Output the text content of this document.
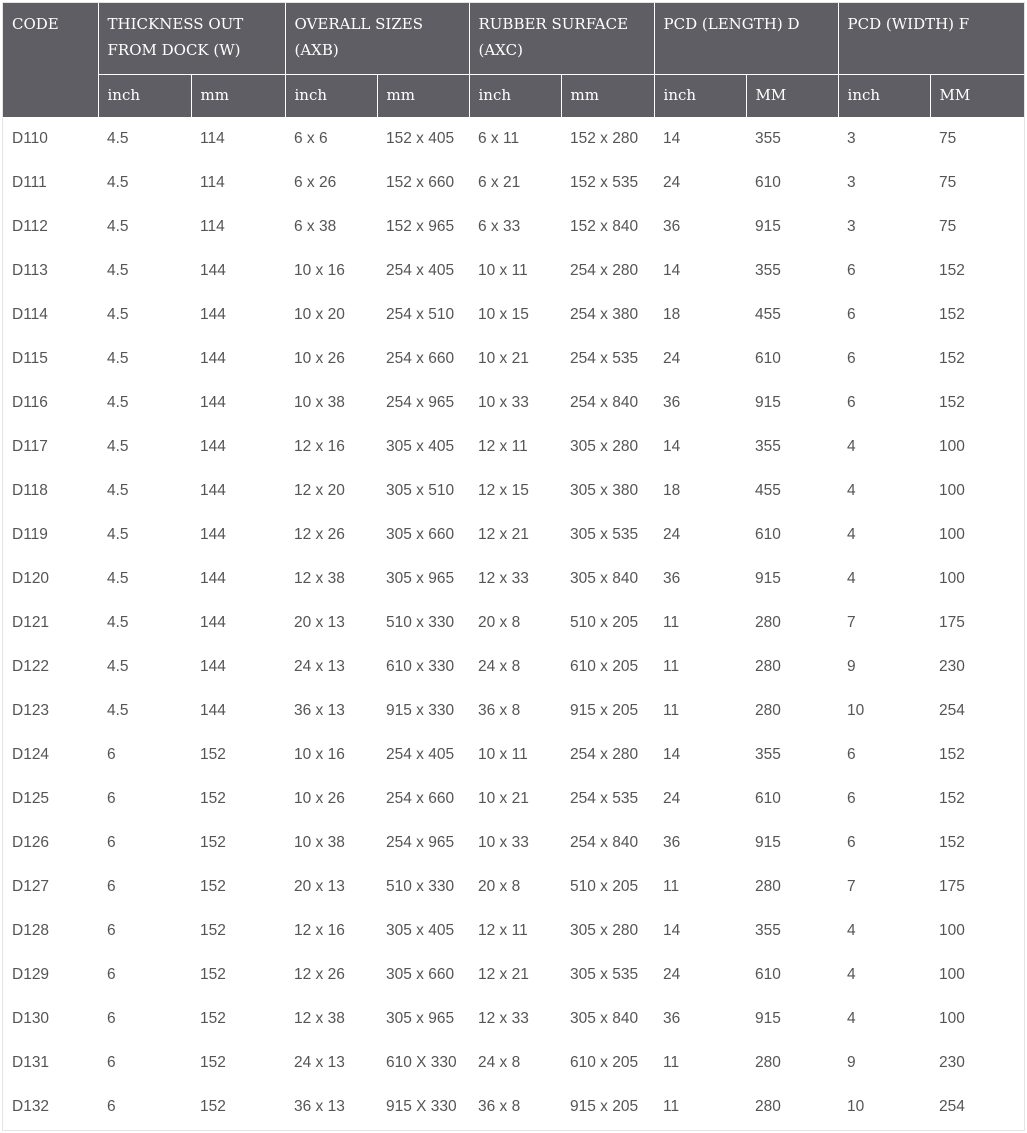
CODE	THICKNESS OUT FROM DOCK (W)		OVERALL SIZES (AXB)		RUBBER SURFACE (AXC)		PCD (LENGTH) D		PCD (WIDTH) F	
	inch	mm	inch	mm	inch	mm	inch	MM	inch	MM
D110	4.5	114	6 x 6	152 x 405	6 x 11	152 x 280	14	355	3	75
D111	4.5	114	6 x 26	152 x 660	6 x 21	152 x 535	24	610	3	75
D112	4.5	114	6 x 38	152 x 965	6 x 33	152 x 840	36	915	3	75
D113	4.5	144	10 x 16	254 x 405	10 x 11	254 x 280	14	355	6	152
D114	4.5	144	10 x 20	254 x 510	10 x 15	254 x 380	18	455	6	152
D115	4.5	144	10 x 26	254 x 660	10 x 21	254 x 535	24	610	6	152
D116	4.5	144	10 x 38	254 x 965	10 x 33	254 x 840	36	915	6	152
D117	4.5	144	12 x 16	305 x 405	12 x 11	305 x 280	14	355	4	100
D118	4.5	144	12 x 20	305 x 510	12 x 15	305 x 380	18	455	4	100
D119	4.5	144	12 x 26	305 x 660	12 x 21	305 x 535	24	610	4	100
D120	4.5	144	12 x 38	305 x 965	12 x 33	305 x 840	36	915	4	100
D121	4.5	144	20 x 13	510 x 330	20 x 8	510 x 205	11	280	7	175
D122	4.5	144	24 x 13	610 x 330	24 x 8	610 x 205	11	280	9	230
D123	4.5	144	36 x 13	915 x 330	36 x 8	915 x 205	11	280	10	254
D124	6	152	10 x 16	254 x 405	10 x 11	254 x 280	14	355	6	152
D125	6	152	10 x 26	254 x 660	10 x 21	254 x 535	24	610	6	152
D126	6	152	10 x 38	254 x 965	10 x 33	254 x 840	36	915	6	152
D127	6	152	20 x 13	510 x 330	20 x 8	510 x 205	11	280	7	175
D128	6	152	12 x 16	305 x 405	12 x 11	305 x 280	14	355	4	100
D129	6	152	12 x 26	305 x 660	12 x 21	305 x 535	24	610	4	100
D130	6	152	12 x 38	305 x 965	12 x 33	305 x 840	36	915	4	100
D131	6	152	24 x 13	610 X 330	24 x 8	610 x 205	11	280	9	230
D132	6	152	36 x 13	915 X 330	36 x 8	915 x 205	11	280	10	254
